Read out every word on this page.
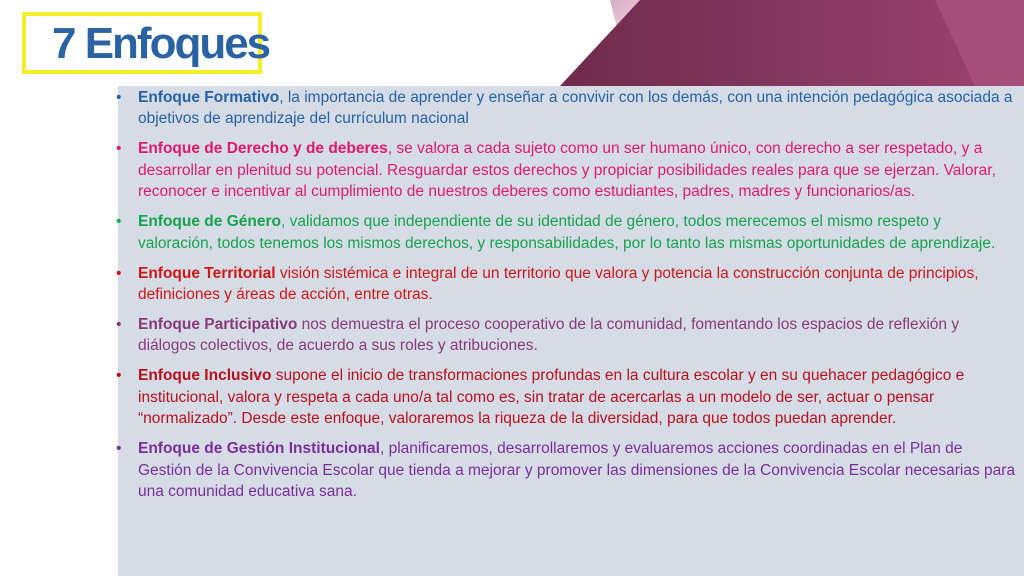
7 Enfoques
• Enfoque Formativo, la importancia de aprender y enseñar a convivir con los demás, con una intención pedagógica asociada a objetivos de aprendizaje del currículum nacional
• Enfoque de Derecho y de deberes, se valora a cada sujeto como un ser humano único, con derecho a ser respetado, y a desarrollar en plenitud su potencial. Resguardar estos derechos y propiciar posibilidades reales para que se ejerzan. Valorar, reconocer e incentivar al cumplimiento de nuestros deberes como estudiantes, padres, madres y funcionarios/as.
• Enfoque de Género, validamos que independiente de su identidad de género, todos merecemos el mismo respeto y valoración, todos tenemos los mismos derechos, y responsabilidades, por lo tanto las mismas oportunidades de aprendizaje.
• Enfoque Territorial visión sistémica e integral de un territorio que valora y potencia la construcción conjunta de principios, definiciones y áreas de acción, entre otras.
• Enfoque Participativo nos demuestra el proceso cooperativo de la comunidad, fomentando los espacios de reflexión y diálogos colectivos, de acuerdo a sus roles y atribuciones.
• Enfoque Inclusivo supone el inicio de transformaciones profundas en la cultura escolar y en su quehacer pedagógico e institucional, valora y respeta a cada uno/a tal como es, sin tratar de acercarlas a un modelo de ser, actuar o pensar “normalizado”. Desde este enfoque, valoraremos la riqueza de la diversidad, para que todos puedan aprender.
• Enfoque de Gestión Institucional, planificaremos, desarrollaremos y evaluaremos acciones coordinadas en el Plan de Gestión de la Convivencia Escolar que tienda a mejorar y promover las dimensiones de la Convivencia Escolar necesarias para una comunidad educativa sana.
